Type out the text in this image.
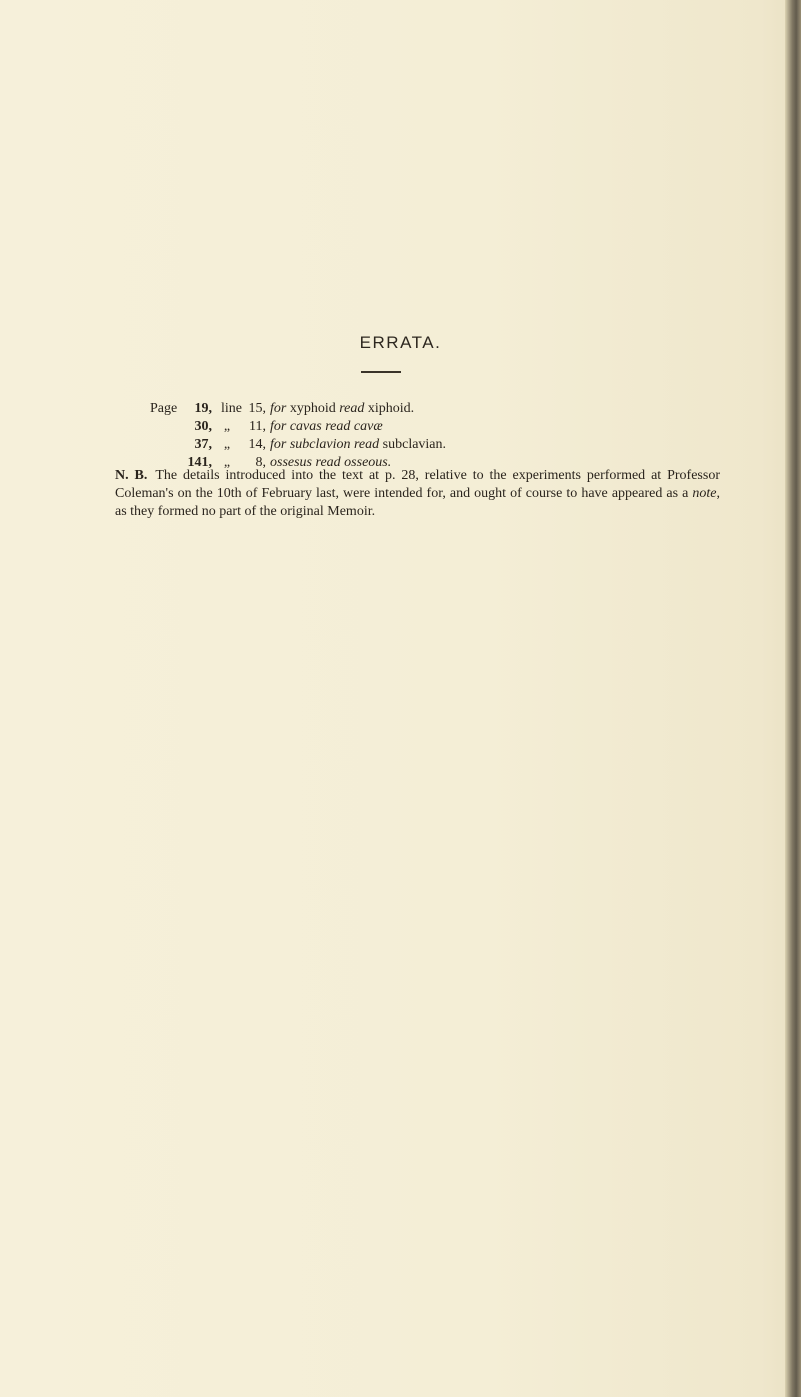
ERRATA.
Page	19, line 15, for xyphoid read xiphoid.
30, „	11, for cavas read cavæ
37, „	14, for subclavion read subclavian.
141, „	8, ossesus read osseous.
N. B. The details introduced into the text at p. 28, relative to the experiments performed at Professor Coleman's on the 10th of February last, were intended for, and ought of course to have appeared as a note, as they formed no part of the original Memoir.
